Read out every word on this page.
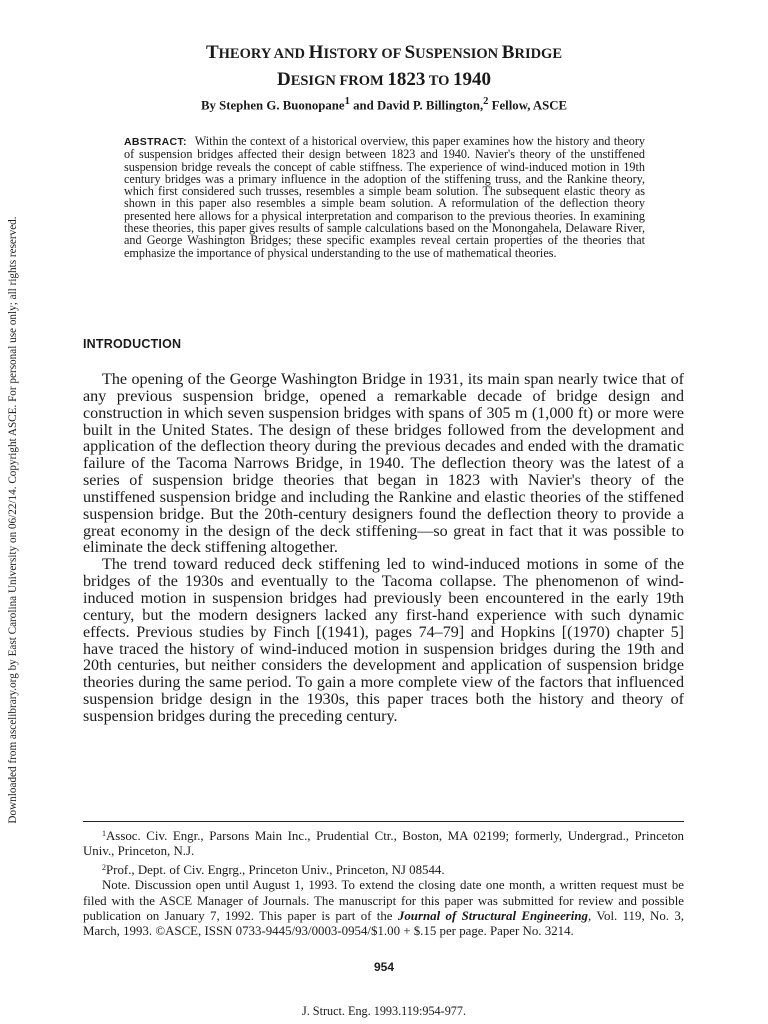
Downloaded from ascelibrary.org by East Carolina University on 06/22/14. Copyright ASCE. For personal use only; all rights reserved.
THEORY AND HISTORY OF SUSPENSION BRIDGE
DESIGN FROM 1823 TO 1940
By Stephen G. Buonopane$^1$ and David P. Billington,$^2$ Fellow, ASCE
ABSTRACT: Within the context of a historical overview, this paper examines how the history and theory of suspension bridges affected their design between 1823 and 1940. Navier's theory of the unstiffened suspension bridge reveals the concept of cable stiffness. The experience of wind-induced motion in 19th century bridges was a primary influence in the adoption of the stiffening truss, and the Rankine theory, which first considered such trusses, resembles a simple beam solution. The subsequent elastic theory as shown in this paper also resembles a simple beam solution. A reformulation of the deflection theory presented here allows for a physical interpretation and comparison to the previous theories. In examining these theories, this paper gives results of sample calculations based on the Monongahela, Delaware River, and George Washington Bridges; these specific examples reveal certain properties of the theories that emphasize the importance of physical understanding to the use of mathematical theories.
INTRODUCTION

The opening of the George Washington Bridge in 1931, its main span nearly twice that of any previous suspension bridge, opened a remarkable decade of bridge design and construction in which seven suspension bridges with spans of 305 m (1,000 ft) or more were built in the United States. The design of these bridges followed from the development and application of the deflection theory during the previous decades and ended with the dramatic failure of the Tacoma Narrows Bridge, in 1940. The deflection theory was the latest of a series of suspension bridge theories that began in 1823 with Navier's theory of the unstiffened suspension bridge and including the Rankine and elastic theories of the stiffened suspension bridge. But the 20th-century designers found the deflection theory to provide a great economy in the design of the deck stiffening—so great in fact that it was possible to eliminate the deck stiffening altogether.

The trend toward reduced deck stiffening led to wind-induced motions in some of the bridges of the 1930s and eventually to the Tacoma collapse. The phenomenon of wind-induced motion in suspension bridges had previously been encountered in the early 19th century, but the modern designers lacked any first-hand experience with such dynamic effects. Previous studies by Finch [(1941), pages 74–79] and Hopkins [(1970) chapter 5] have traced the history of wind-induced motion in suspension bridges during the 19th and 20th centuries, but neither considers the development and application of suspension bridge theories during the same period. To gain a more complete view of the factors that influenced suspension bridge design in the 1930s, this paper traces both the history and theory of suspension bridges during the preceding century.

$^1$Assoc. Civ. Engr., Parsons Main Inc., Prudential Ctr., Boston, MA 02199; formerly, Undergrad., Princeton Univ., Princeton, N.J.

$^2$Prof., Dept. of Civ. Engrg., Princeton Univ., Princeton, NJ 08544.

Note. Discussion open until August 1, 1993. To extend the closing date one month, a written request must be filed with the ASCE Manager of Journals. The manuscript for this paper was submitted for review and possible publication on January 7, 1992. This paper is part of the Journal of Structural Engineering, Vol. 119, No. 3, March, 1993. ©ASCE, ISSN 0733-9445/93/0003-0954/$1.00 + $.15 per page. Paper No. 3214.

954
J. Struct. Eng. 1993.119:954-977.
